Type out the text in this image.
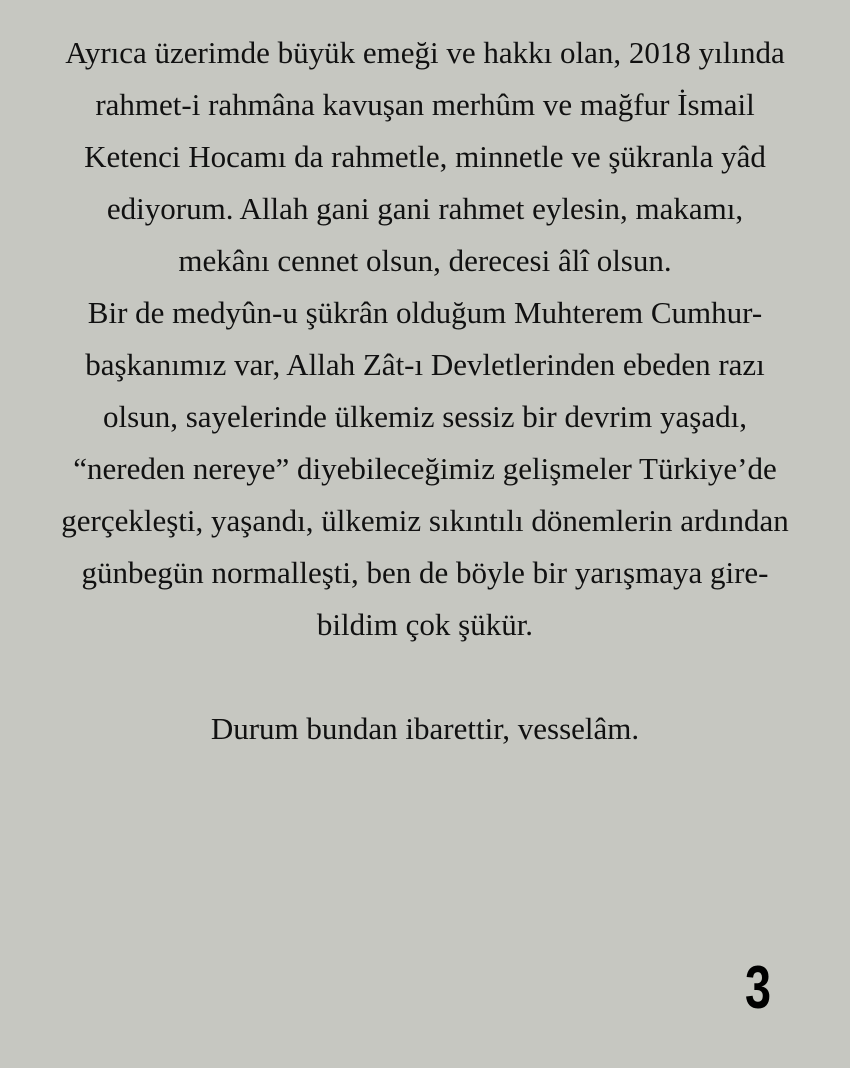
Ayrıca üzerimde büyük emeği ve hakkı olan, 2018 yılında
rahmet-i rahmâna kavuşan merhûm ve mağfur İsmail
Ketenci Hocamı da rahmetle, minnetle ve şükranla yâd
ediyorum. Allah gani gani rahmet eylesin, makamı,
mekânı cennet olsun, derecesi âlî olsun.
Bir de medyûn-u şükrân olduğum Muhterem Cumhur-
başkanımız var, Allah Zât-ı Devletlerinden ebeden razı
olsun, sayelerinde ülkemiz sessiz bir devrim yaşadı,
“nereden nereye” diyebileceğimiz gelişmeler Türkiye’de
gerçekleşti, yaşandı, ülkemiz sıkıntılı dönemlerin ardından
günbegün normalleşti, ben de böyle bir yarışmaya gire-
bildim çok şükür.
Durum bundan ibarettir, vesselâm.
3
